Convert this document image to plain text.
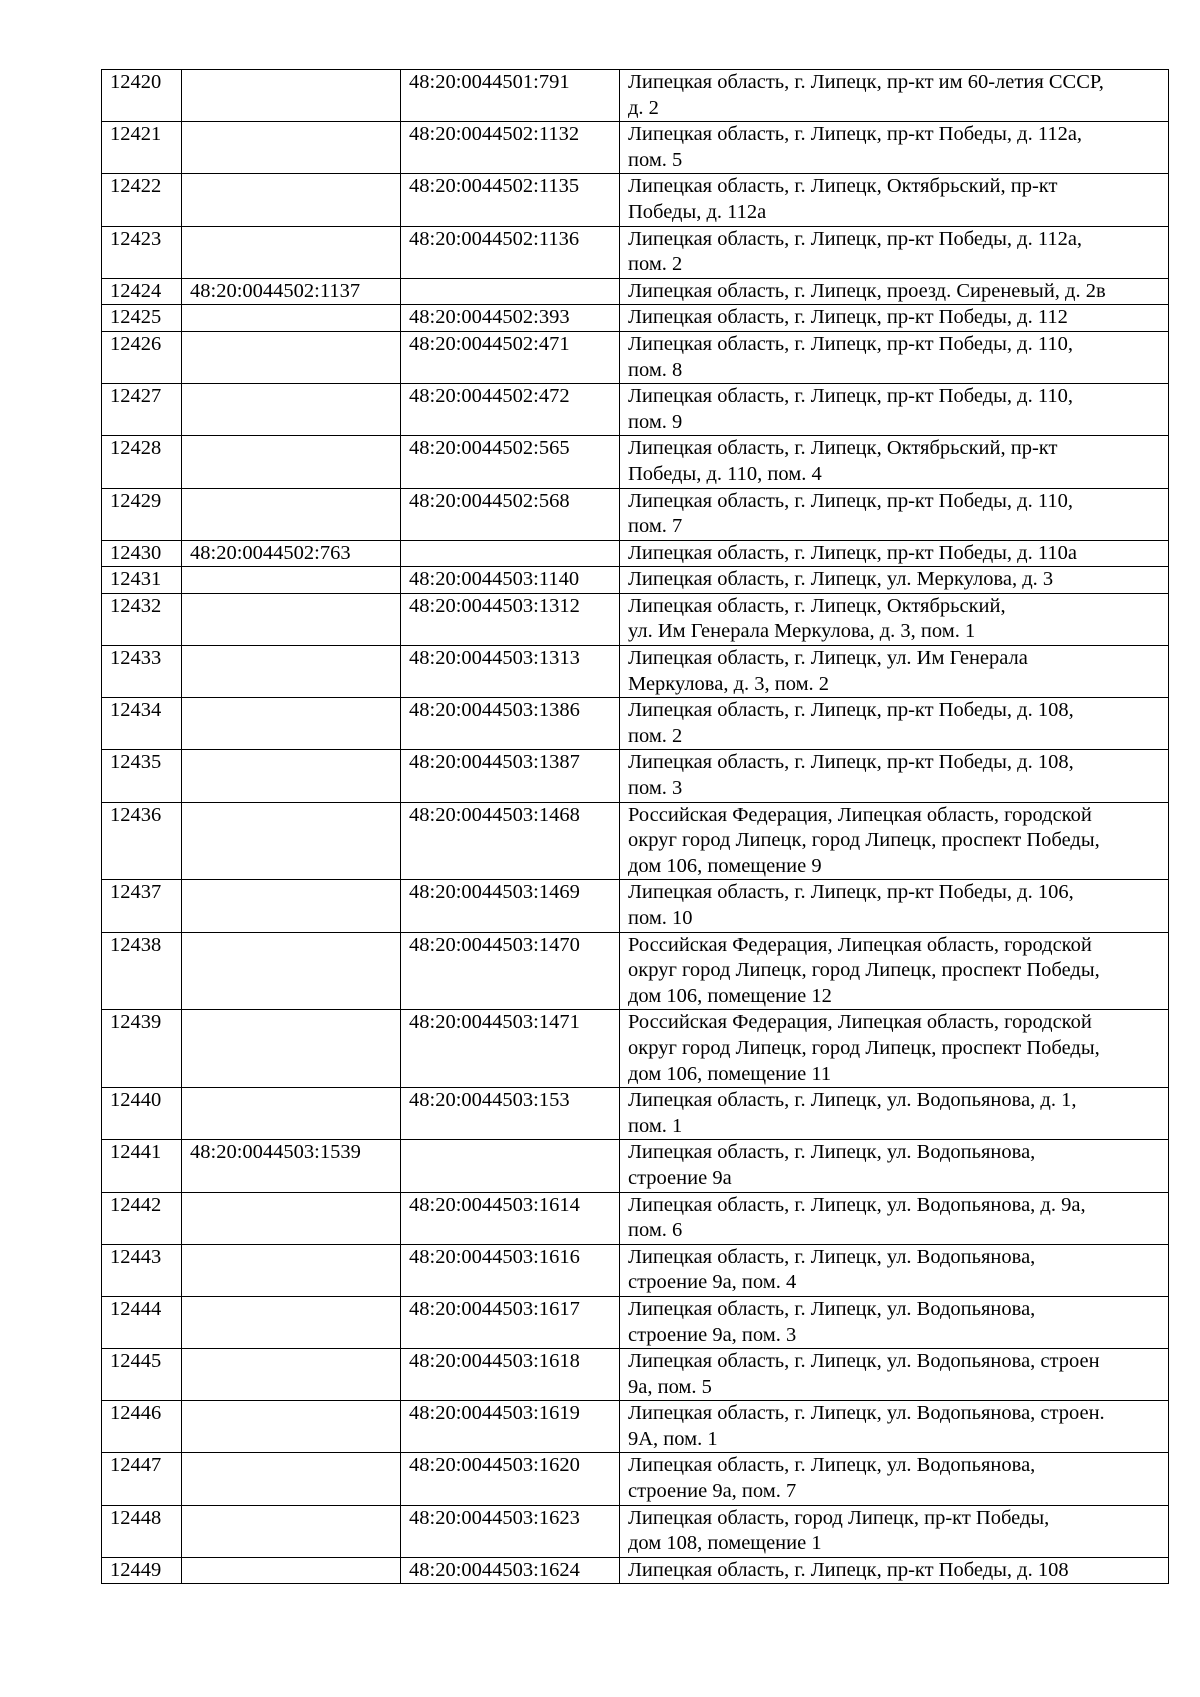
12420		48:20:0044501:791	Липецкая область, г. Липецк, пр-кт им 60-летия СССР,
д. 2
12421		48:20:0044502:1132	Липецкая область, г. Липецк, пр-кт Победы, д. 112а,
пом. 5
12422		48:20:0044502:1135	Липецкая область, г. Липецк, Октябрьский, пр-кт
Победы, д. 112а
12423		48:20:0044502:1136	Липецкая область, г. Липецк, пр-кт Победы, д. 112а,
пом. 2
12424	48:20:0044502:1137		Липецкая область, г. Липецк, проезд. Сиреневый, д. 2в
12425		48:20:0044502:393	Липецкая область, г. Липецк, пр-кт Победы, д. 112
12426		48:20:0044502:471	Липецкая область, г. Липецк, пр-кт Победы, д. 110,
пом. 8
12427		48:20:0044502:472	Липецкая область, г. Липецк, пр-кт Победы, д. 110,
пом. 9
12428		48:20:0044502:565	Липецкая область, г. Липецк, Октябрьский, пр-кт
Победы, д. 110, пом. 4
12429		48:20:0044502:568	Липецкая область, г. Липецк, пр-кт Победы, д. 110,
пом. 7
12430	48:20:0044502:763		Липецкая область, г. Липецк, пр-кт Победы, д. 110а
12431		48:20:0044503:1140	Липецкая область, г. Липецк, ул. Меркулова, д. 3
12432		48:20:0044503:1312	Липецкая область, г. Липецк, Октябрьский,
ул. Им Генерала Меркулова, д. 3, пом. 1
12433		48:20:0044503:1313	Липецкая область, г. Липецк, ул. Им Генерала
Меркулова, д. 3, пом. 2
12434		48:20:0044503:1386	Липецкая область, г. Липецк, пр-кт Победы, д. 108,
пом. 2
12435		48:20:0044503:1387	Липецкая область, г. Липецк, пр-кт Победы, д. 108,
пом. 3
12436		48:20:0044503:1468	Российская Федерация, Липецкая область, городской
округ город Липецк, город Липецк, проспект Победы,
дом 106, помещение 9
12437		48:20:0044503:1469	Липецкая область, г. Липецк, пр-кт Победы, д. 106,
пом. 10
12438		48:20:0044503:1470	Российская Федерация, Липецкая область, городской
округ город Липецк, город Липецк, проспект Победы,
дом 106, помещение 12
12439		48:20:0044503:1471	Российская Федерация, Липецкая область, городской
округ город Липецк, город Липецк, проспект Победы,
дом 106, помещение 11
12440		48:20:0044503:153	Липецкая область, г. Липецк, ул. Водопьянова, д. 1,
пом. 1
12441	48:20:0044503:1539		Липецкая область, г. Липецк, ул. Водопьянова,
строение 9а
12442		48:20:0044503:1614	Липецкая область, г. Липецк, ул. Водопьянова, д. 9а,
пом. 6
12443		48:20:0044503:1616	Липецкая область, г. Липецк, ул. Водопьянова,
строение 9а, пом. 4
12444		48:20:0044503:1617	Липецкая область, г. Липецк, ул. Водопьянова,
строение 9а, пом. 3
12445		48:20:0044503:1618	Липецкая область, г. Липецк, ул. Водопьянова, строен
9а, пом. 5
12446		48:20:0044503:1619	Липецкая область, г. Липецк, ул. Водопьянова, строен.
9А, пом. 1
12447		48:20:0044503:1620	Липецкая область, г. Липецк, ул. Водопьянова,
строение 9а, пом. 7
12448		48:20:0044503:1623	Липецкая область, город Липецк, пр-кт Победы,
дом 108, помещение 1
12449		48:20:0044503:1624	Липецкая область, г. Липецк, пр-кт Победы, д. 108
